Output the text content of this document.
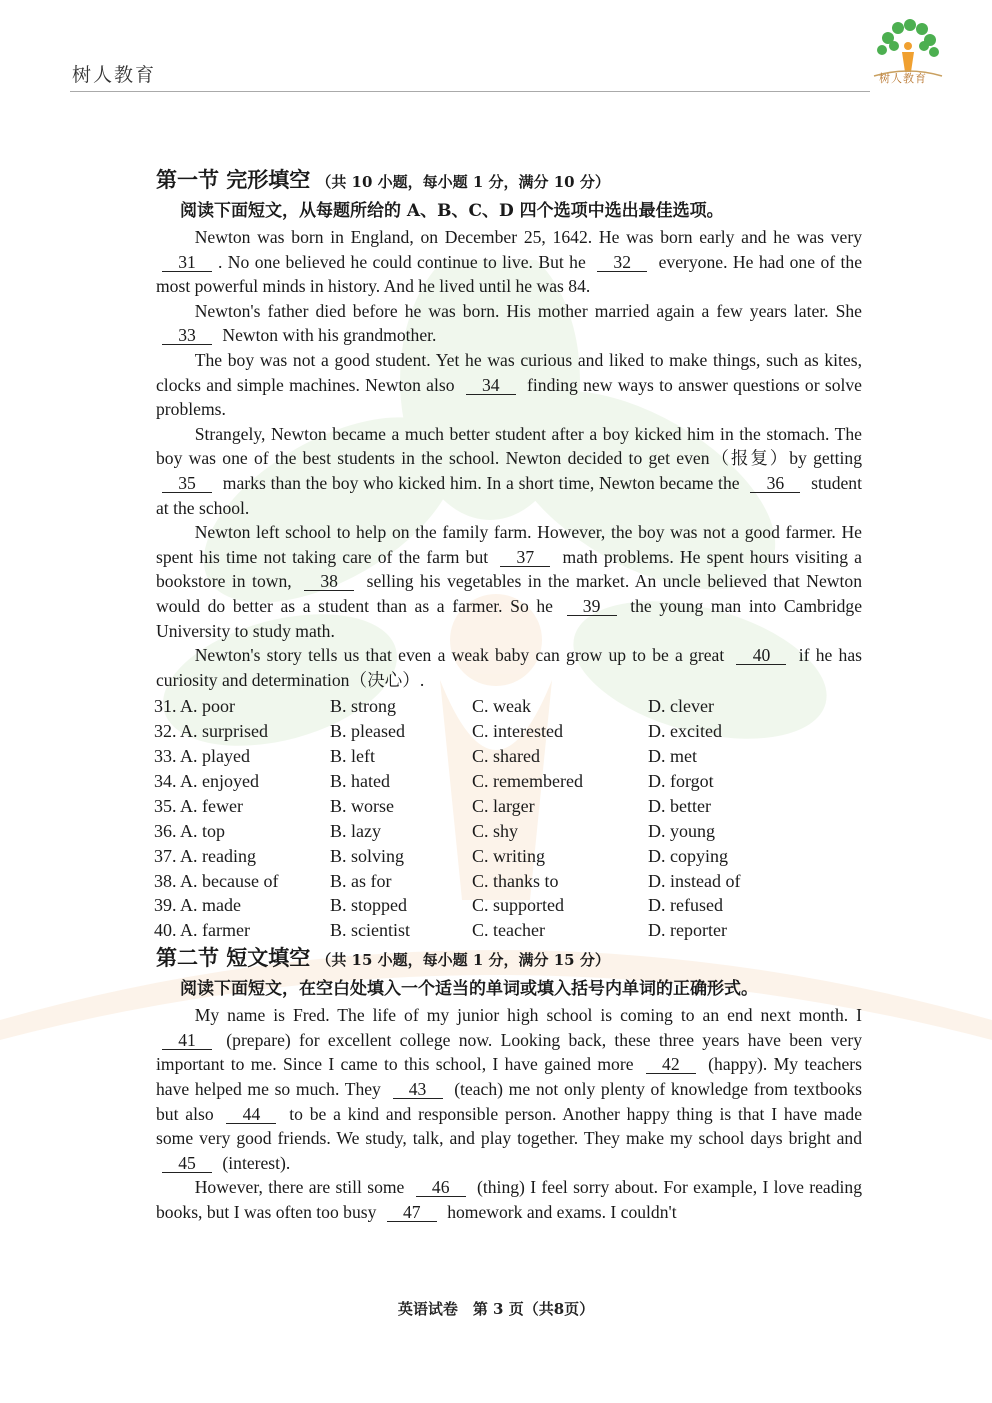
树人教育	树人教育
第一节 完形填空 （共 10 小题，每小题 1 分，满分 10 分）
阅读下面短文，从每题所给的 A、B、C、D 四个选项中选出最佳选项。

Newton was born in England, on December 25, 1642. He was born early and he was very 31 . No one believed he could continue to live. But he 32 everyone. He had one of the most powerful minds in history. And he lived until he was 84.

Newton's father died before he was born. His mother married again a few years later. She 33 Newton with his grandmother.

The boy was not a good student. Yet he was curious and liked to make things, such as kites, clocks and simple machines. Newton also 34 finding new ways to answer questions or solve problems.

Strangely, Newton became a much better student after a boy kicked him in the stomach. The boy was one of the best students in the school. Newton decided to get even（报复）by getting 35 marks than the boy who kicked him. In a short time, Newton became the 36 student at the school.

Newton left school to help on the family farm. However, the boy was not a good farmer. He spent his time not taking care of the farm but 37 math problems. He spent hours visiting a bookstore in town, 38 selling his vegetables in the market. An uncle believed that Newton would do better as a student than as a farmer. So he 39 the young man into Cambridge University to study math.

Newton's story tells us that even a weak baby can grow up to be a great 40 if he has curiosity and determination（决心）.

31. A. poor	B. strong	C. weak	D. clever
32. A. surprised	B. pleased	C. interested	D. excited
33. A. played	B. left	C. shared	D. met
34. A. enjoyed	B. hated	C. remembered	D. forgot
35. A. fewer	B. worse	C. larger	D. better
36. A. top	B. lazy	C. shy	D. young
37. A. reading	B. solving	C. writing	D. copying
38. A. because of	B. as for	C. thanks to	D. instead of
39. A. made	B. stopped	C. supported	D. refused
40. A. farmer	B. scientist	C. teacher	D. reporter
第二节 短文填空 （共 15 小题，每小题 1 分，满分 15 分）
阅读下面短文，在空白处填入一个适当的单词或填入括号内单词的正确形式。

My name is Fred. The life of my junior high school is coming to an end next month. I 41 (prepare) for excellent college now. Looking back, these three years have been very important to me. Since I came to this school, I have gained more 42 (happy). My teachers have helped me so much. They 43 (teach) me not only plenty of knowledge from textbooks but also 44 to be a kind and responsible person. Another happy thing is that I have made some very good friends. We study, talk, and play together. They make my school days bright and 45 (interest).

However, there are still some 46 (thing) I feel sorry about. For example, I love reading books, but I was often too busy 47 homework and exams. I couldn't

英语试卷　第 3 页（共8页）
